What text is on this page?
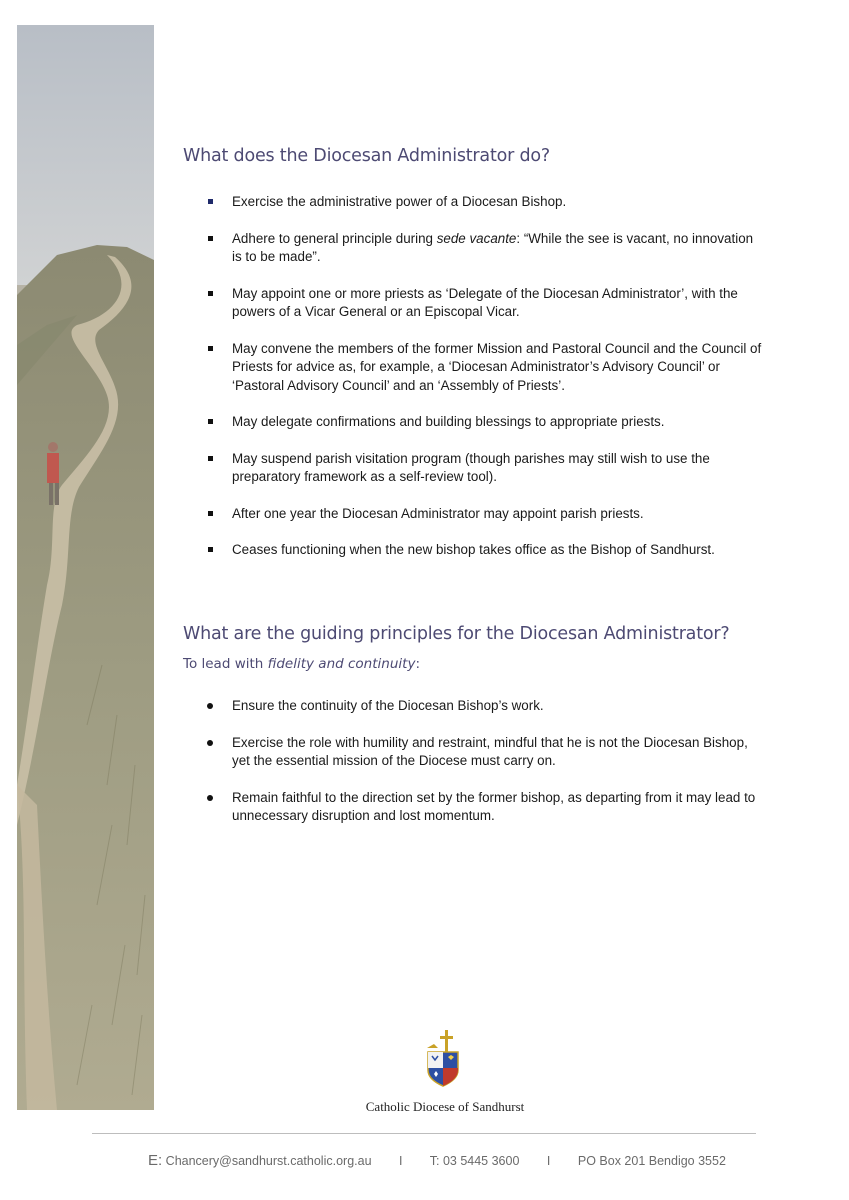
What does the Diocesan Administrator do?
Exercise the administrative power of a Diocesan Bishop.
Adhere to general principle during sede vacante: “While the see is vacant, no innovation is to be made”.
May appoint one or more priests as ‘Delegate of the Diocesan Administrator’, with the powers of a Vicar General or an Episcopal Vicar.
May convene the members of the former Mission and Pastoral Council and the Council of Priests for advice as, for example, a ‘Diocesan Administrator’s Advisory Council’ or ‘Pastoral Advisory Council’ and an ‘Assembly of Priests’.
May delegate confirmations and building blessings to appropriate priests.
May suspend parish visitation program (though parishes may still wish to use the preparatory framework as a self-review tool).
After one year the Diocesan Administrator may appoint parish priests.
Ceases functioning when the new bishop takes office as the Bishop of Sandhurst.
What are the guiding principles for the Diocesan Administrator?
To lead with fidelity and continuity:
Ensure the continuity of the Diocesan Bishop’s work.
Exercise the role with humility and restraint, mindful that he is not the Diocesan Bishop, yet the essential mission of the Diocese must carry on.
Remain faithful to the direction set by the former bishop, as departing from it may lead to unnecessary disruption and lost momentum.
Catholic Diocese of Sandhurst
E: Chancery@sandhurst.catholic.org.au I T: 03 5445 3600 I PO Box 201 Bendigo 3552
